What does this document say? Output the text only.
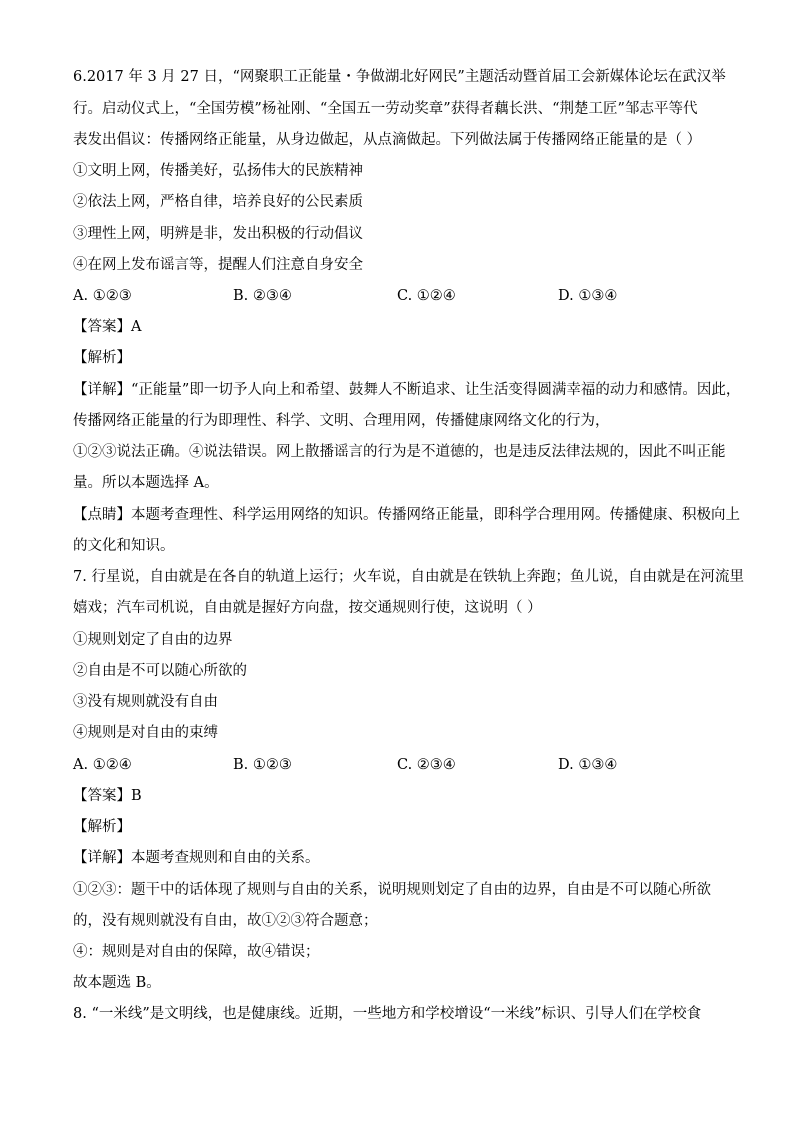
6.2017 年 3 月 27 日，“网聚职工正能量・争做湖北好网民”主题活动暨首届工会新媒体论坛在武汉举
行。启动仪式上，“全国劳模”杨祉刚、“全国五一劳动奖章”获得者藕长洪、“荆楚工匠”邹志平等代
表发出倡议：传播网络正能量，从身边做起，从点滴做起。下列做法属于传播网络正能量的是（ ）
①文明上网，传播美好，弘扬伟大的民族精神
②依法上网，严格自律，培养良好的公民素质
③理性上网，明辨是非，发出积极的行动倡议
④在网上发布谣言等，提醒人们注意自身安全
A. ①②③	B. ②③④	C. ①②④	D. ①③④
【答案】A
【解析】
【详解】“正能量”即一切予人向上和希望、鼓舞人不断追求、让生活变得圆满幸福的动力和感情。因此，
传播网络正能量的行为即理性、科学、文明、合理用网，传播健康网络文化的行为，
①②③说法正确。④说法错误。网上散播谣言的行为是不道德的，也是违反法律法规的，因此不叫正能
量。所以本题选择 A。
【点睛】本题考查理性、科学运用网络的知识。传播网络正能量，即科学合理用网。传播健康、积极向上
的文化和知识。
7. 行星说，自由就是在各自的轨道上运行；火车说，自由就是在铁轨上奔跑；鱼儿说，自由就是在河流里
嬉戏；汽车司机说，自由就是握好方向盘，按交通规则行使，这说明（ ）
①规则划定了自由的边界
②自由是不可以随心所欲的
③没有规则就没有自由
④规则是对自由的束缚
A. ①②④	B. ①②③	C. ②③④	D. ①③④
【答案】B
【解析】
【详解】本题考查规则和自由的关系。
①②③：题干中的话体现了规则与自由的关系，说明规则划定了自由的边界，自由是不可以随心所欲
的，没有规则就没有自由，故①②③符合题意；
④：规则是对自由的保障，故④错误；
故本题选 B。
8. “一米线”是文明线，也是健康线。近期，一些地方和学校增设“一米线”标识、引导人们在学校食
